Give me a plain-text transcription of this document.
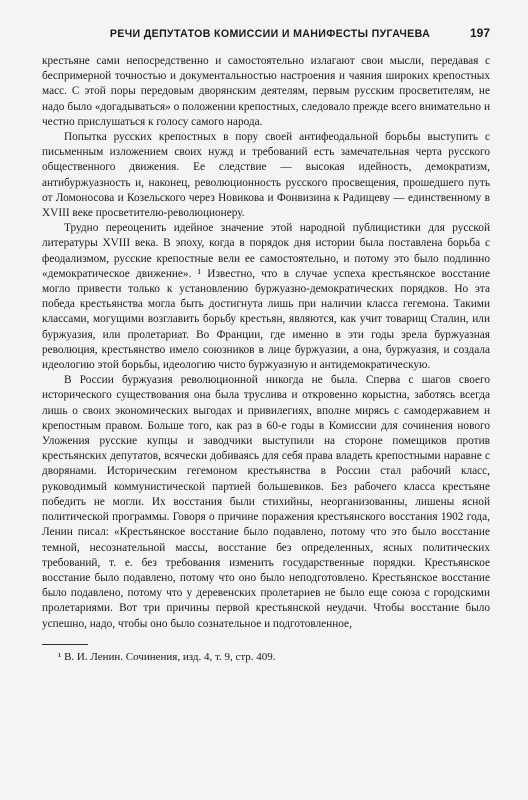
РЕЧИ ДЕПУТАТОВ КОМИССИИ И МАНИФЕСТЫ ПУГАЧЕВА	197

крестьяне сами непосредственно и самостоятельно излагают свои мысли, передавая с беспримерной точностью и документальностью настроения и чаяния широких крепостных масс. С этой поры передовым дворянским деятелям, первым русским просветителям, не надо было «догадываться» о положении крепостных, следовало прежде всего внимательно и честно прислушаться к голосу самого народа.

Попытка русских крепостных в пору своей антифеодальной борьбы выступить с письменным изложением своих нужд и требований есть замечательная черта русского общественного движения. Ее следствие — высокая идейность, демократизм, антибуржуазность и, наконец, революционность русского просвещения, прошедшего путь от Ломоносова и Козельского через Новикова и Фонвизина к Радищеву — единственному в XVIII веке просветителю-революционеру.

Трудно переоценить идейное значение этой народной публицистики для русской литературы XVIII века. В эпоху, когда в порядок дня истории была поставлена борьба с феодализмом, русские крепостные вели ее самостоятельно, и потому это было подлинно «демократическое движение». ¹ Известно, что в случае успеха крестьянское восстание могло привести только к установлению буржуазно-демократических порядков. Но эта победа крестьянства могла быть достигнута лишь при наличии класса гегемона. Такими классами, могущими возглавить борьбу крестьян, являются, как учит товарищ Сталин, или буржуазия, или пролетариат. Во Франции, где именно в эти годы зрела буржуазная революция, крестьянство имело союзников в лице буржуазии, а она, буржуазия, и создала идеологию этой борьбы, идеологию чисто буржуазную и антидемократическую.

В России буржуазия революционной никогда не была. Сперва с шагов своего исторического существования она была труслива и откровенно корыстна, заботясь всегда лишь о своих экономических выгодах и привилегиях, вполне мирясь с самодержавием и крепостным правом. Больше того, как раз в 60-е годы в Комиссии для сочинения нового Уложения русские купцы и заводчики выступили на стороне помещиков против крестьянских депутатов, всячески добиваясь для себя права владеть крепостными наравне с дворянами. Историческим гегемоном крестьянства в России стал рабочий класс, руководимый коммунистической партией большевиков. Без рабочего класса крестьяне победить не могли. Их восстания были стихийны, неорганизованны, лишены ясной политической программы. Говоря о причине поражения крестьянского восстания 1902 года, Ленин писал: «Крестьянское восстание было подавлено, потому что это было восстание темной, несознательной массы, восстание без определенных, ясных политических требований, т. е. без требования изменить государственные порядки. Крестьянское восстание было подавлено, потому что оно было неподготовлено. Крестьянское восстание было подавлено, потому что у деревенских пролетариев не было еще союза с городскими пролетариями. Вот три причины первой крестьянской неудачи. Чтобы восстание было успешно, надо, чтобы оно было сознательное и подготовленное,

¹ В. И. Ленин. Сочинения, изд. 4, т. 9, стр. 409.
